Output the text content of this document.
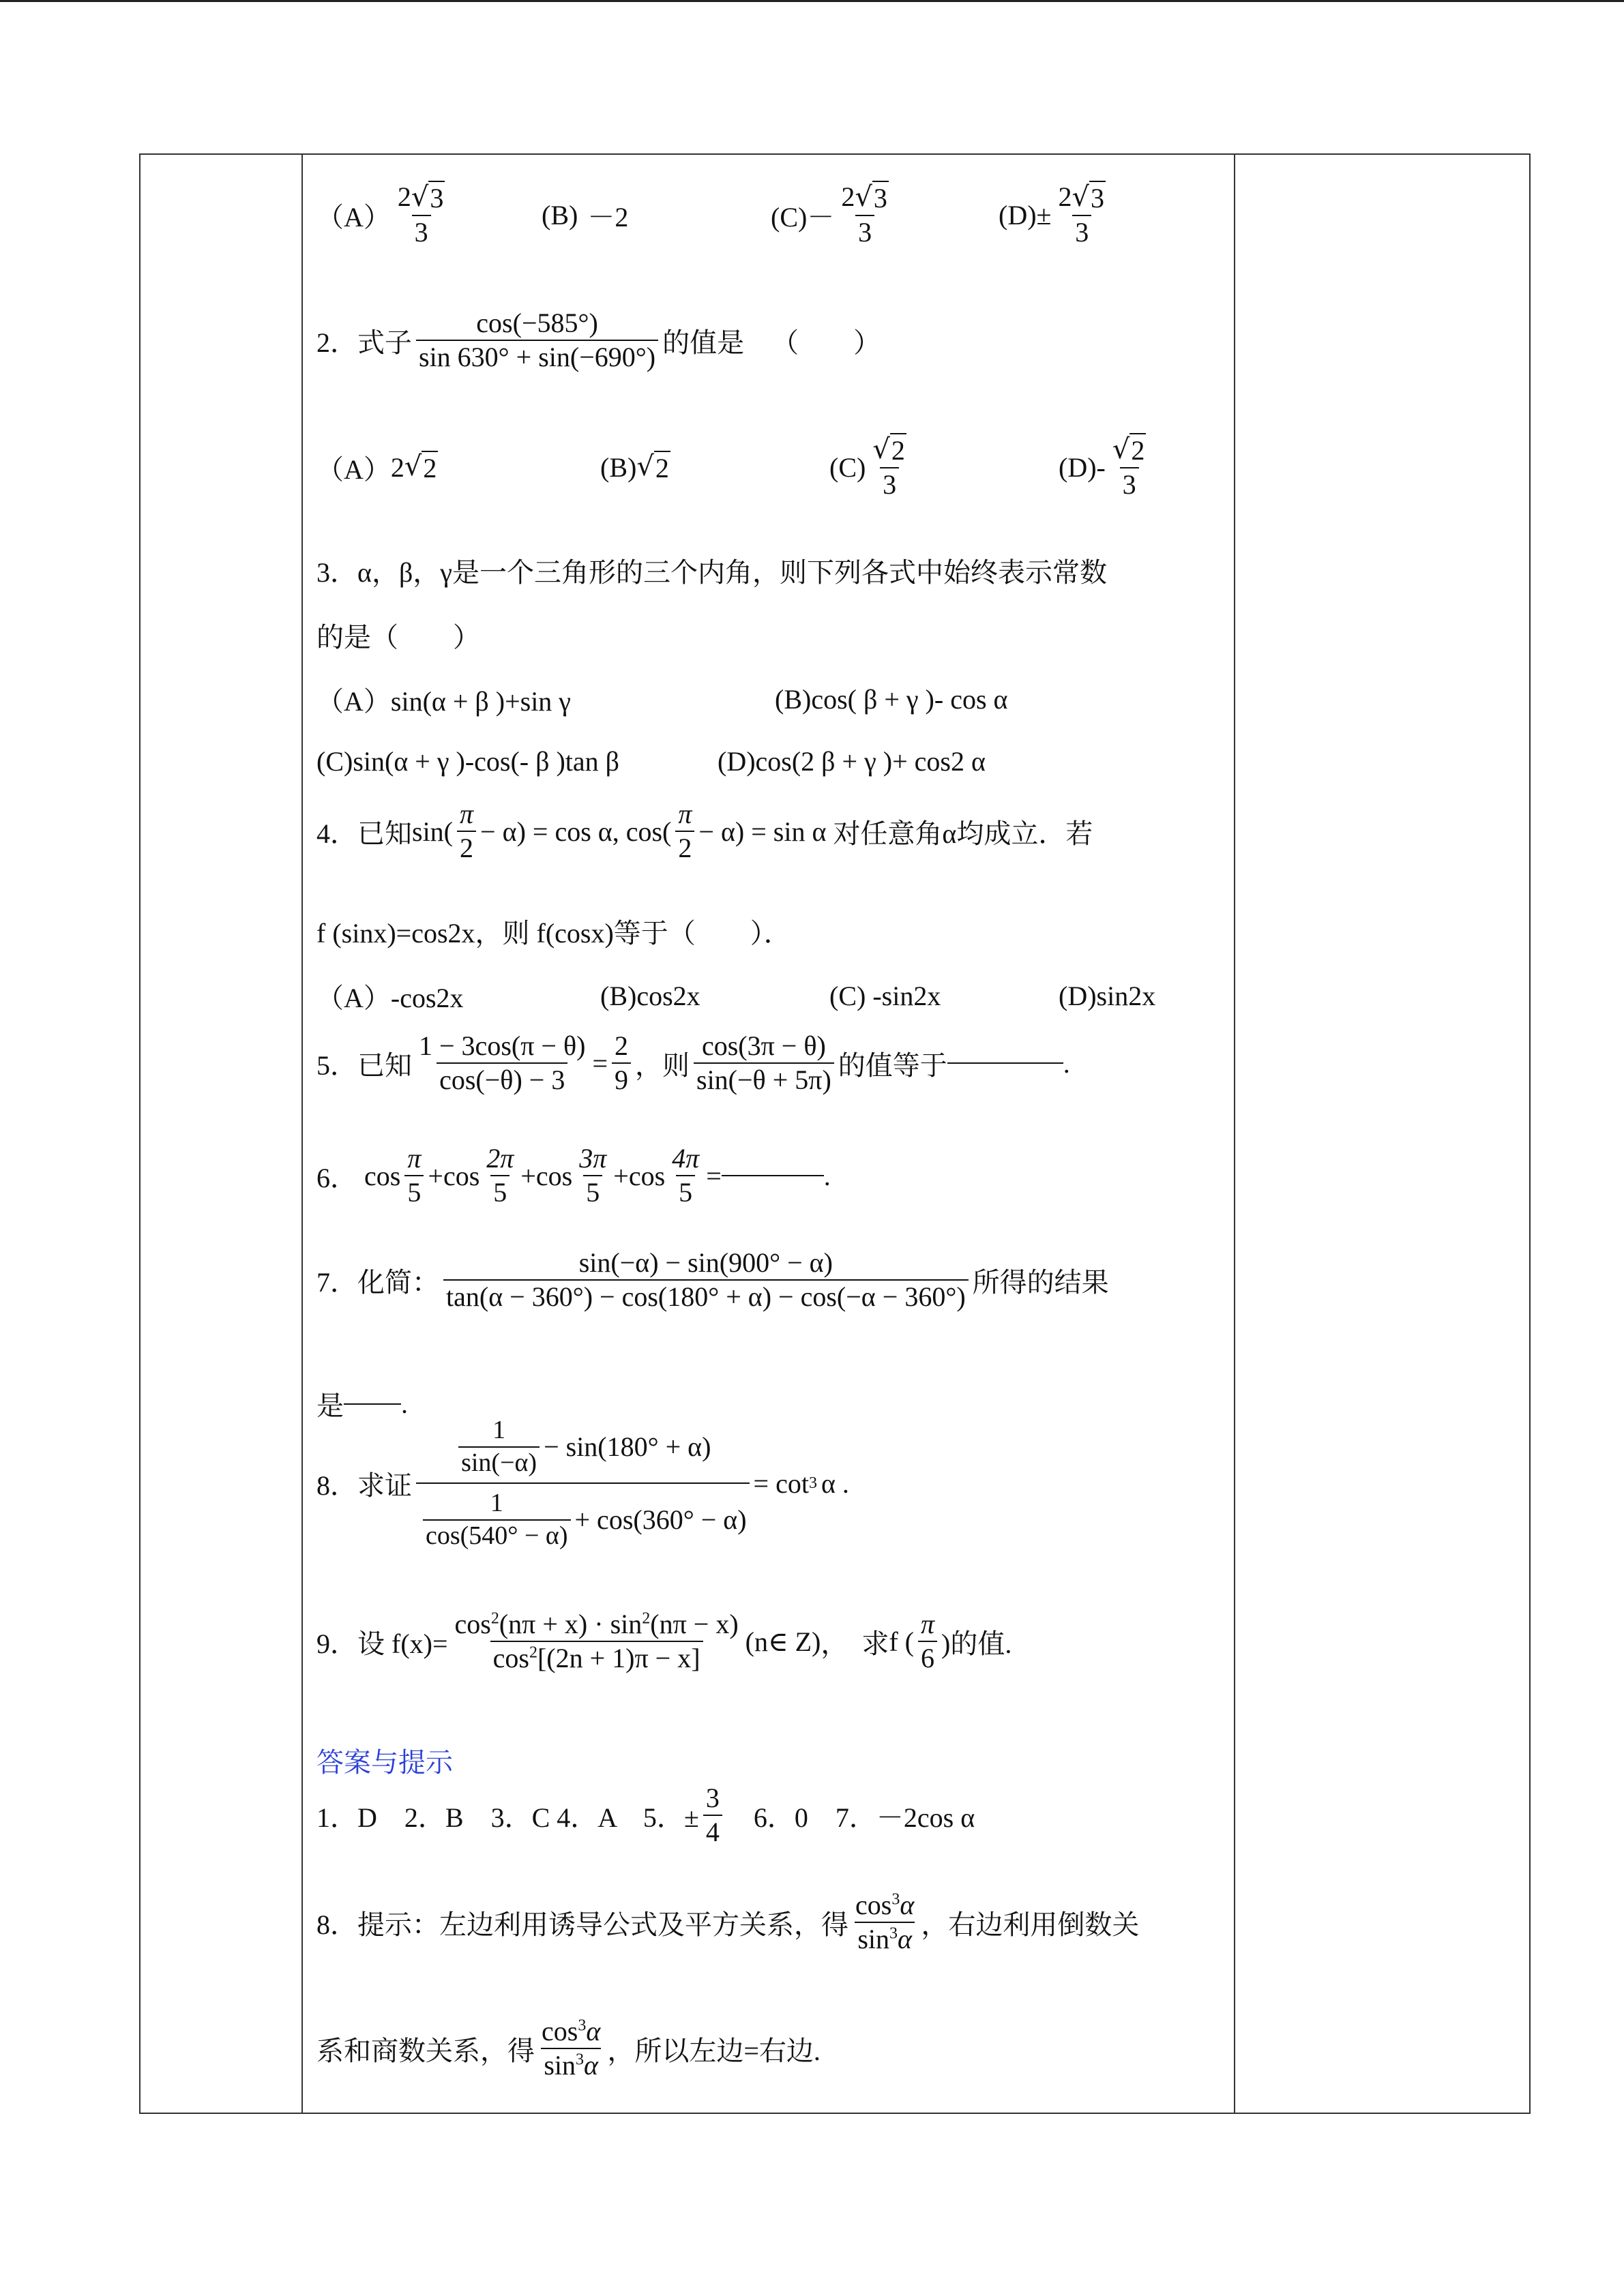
$(A) \frac{2 √ 3}{3}$	(B) －2	$(C)- \frac{2 √ 3}{3}$	$(D)\pm \frac{2 √ 3}{3}$
2．式子 $\frac{\cos(-585^\circ)}{\sin 630^\circ + \sin(-690^\circ)}$ 的值是 （　　）
（A） 2 √ 2	(B) √ 2	$(C) \frac{√ 2}{3}$	$(D)- \frac{√ 2}{3}$
3．α，β，γ是一个三角形的三个内角，则下列各式中始终表示常数
的是（　　）
（A）sin(α + β )+sin γ	(B)cos( β + γ )- cos α
(C)sin(α + γ )-cos(- β )tan β	(D)cos(2 β + γ )+ cos2 α
4．已知 $\sin( \frac{\pi}{2} - \alpha) = \cos \alpha$, $\cos( \frac{\pi}{2} - \alpha) = \sin \alpha$ 对任意角α均成立．若
f (sinx)=cos2x，则 f(cosx)等于（　　）．
（A）-cos2x	(B)cos2x	(C) -sin2x	(D)sin2x
5．已知 $\frac{1 - 3\cos(\pi - \theta)}{\cos(-\theta) - 3} = \frac{2}{9}$ ，则 $\frac{\cos(3\pi - \theta)}{\sin(-\theta + 5\pi)}$ 的值等于	.
6． $\cos \frac{\pi}{5} + \cos \frac{2\pi}{5} + \cos \frac{3\pi}{5} + \cos \frac{4\pi}{5}$ =	.
7．化简： $\frac{\sin(-\alpha) - \sin(900^\circ - \alpha)}{\tan(\alpha - 360^\circ) - \cos(180^\circ + \alpha) - \cos(-\alpha - 360^\circ)}$ 所得的结果
是 .
8．求证 $\frac{\frac{1}{\sin(-\alpha)} - \sin(180^\circ + \alpha)}{\frac{1}{\cos(540^\circ - \alpha)} + \cos(360^\circ - \alpha)} = \cot 3$ α .
9．设 $f(x)= \frac{\cos^2(n\pi + x) \cdot \sin^2(n\pi - x)}{\cos^2[(2n + 1)\pi - x]}$ (n∈ Z) ，　求 f ( $\frac{\pi}{6}$ )的值.
答案与提示
1．D　2．B　3．C 4．A　5．± $\frac{3}{4}$ 　6．0　7．－2cos α
8．提示：左边利用诱导公式及平方关系，得 $\frac{\cos^3\alpha}{\sin^3\alpha}$ ，右边利用倒数关
系和商数关系，得 $\frac{\cos^3\alpha}{\sin^3\alpha}$ ，所以左边=右边.
